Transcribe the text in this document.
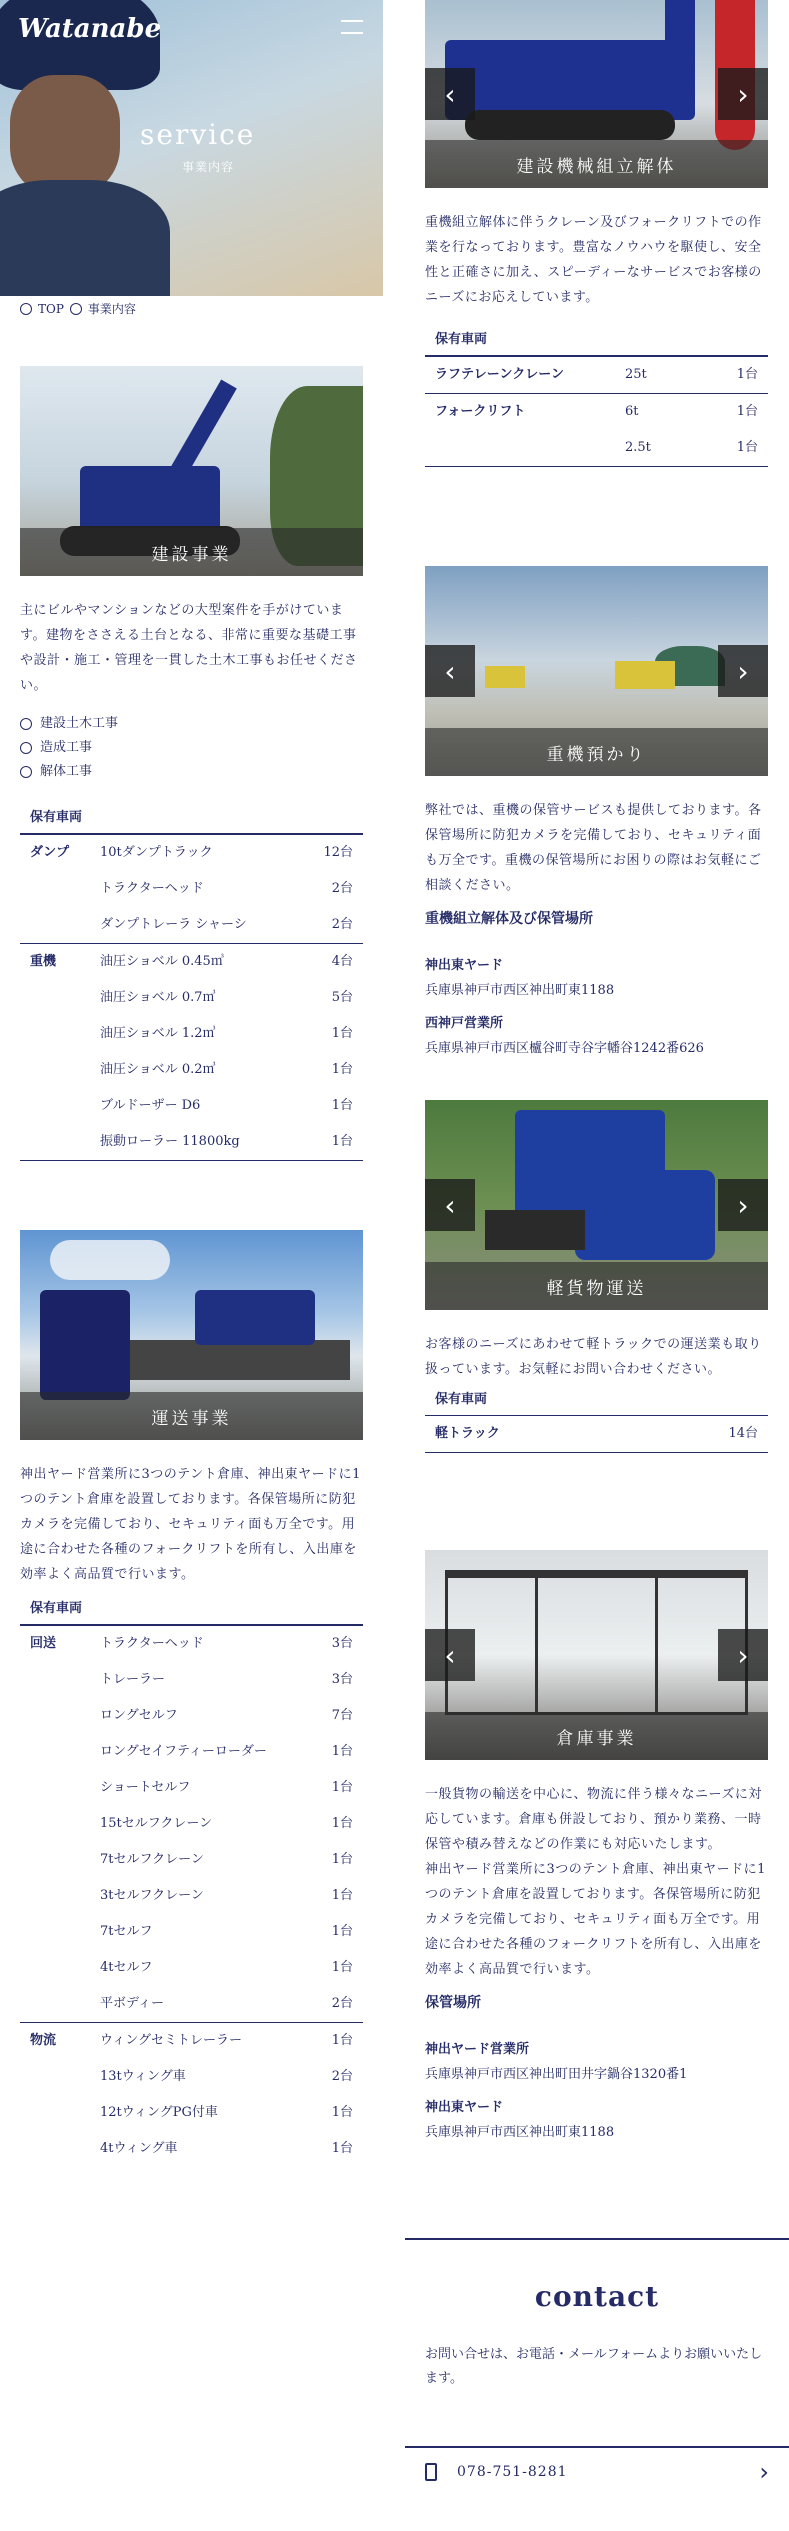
Watanabe
service
事業内容
TOP 事業内容
建設事業

主にビルやマンションなどの大型案件を手がけています。建物をささえる土台となる、非常に重要な基礎工事や設計・施工・管理を一貫した土木工事もお任せください。

建設土木工事
造成工事
解体工事
保有車両
ダンプ	10tダンプトラック	12台
	トラクターヘッド	2台
	ダンプトレーラ シャーシ	2台
重機	油圧ショベル 0.45㎥	4台
	油圧ショベル 0.7㎥	5台
	油圧ショベル 1.2㎥	1台
	油圧ショベル 0.2㎥	1台
	ブルドーザー D6	1台
	振動ローラー 11800kg	1台
運送事業

神出ヤード営業所に3つのテント倉庫、神出東ヤードに1つのテント倉庫を設置しております。各保管場所に防犯カメラを完備しており、セキュリティ面も万全です。用途に合わせた各種のフォークリフトを所有し、入出庫を効率よく高品質で行います。

保有車両
回送	トラクターヘッド	3台
	トレーラー	3台
	ロングセルフ	7台
	ロングセイフティーローダー	1台
	ショートセルフ	1台
	15tセルフクレーン	1台
	7tセルフクレーン	1台
	3tセルフクレーン	1台
	7tセルフ	1台
	4tセルフ	1台
	平ボディー	2台
物流	ウィングセミトレーラー	1台
	13tウィング車	2台
	12tウィングPG付車	1台
	4tウィング車	1台
‹	›
建設機械組立解体

重機組立解体に伴うクレーン及びフォークリフトでの作業を行なっております。豊富なノウハウを駆使し、安全性と正確さに加え、スピーディーなサービスでお客様のニーズにお応えしています。

保有車両
ラフテレーンクレーン	25t	1台
フォークリフト	6t	1台
	2.5t	1台
‹	›
重機預かり

弊社では、重機の保管サービスも提供しております。各保管場所に防犯カメラを完備しており、セキュリティ面も万全です。重機の保管場所にお困りの際はお気軽にご相談ください。

重機組立解体及び保管場所
神出東ヤード
兵庫県神戸市西区神出町東1188
西神戸営業所
兵庫県神戸市西区櫨谷町寺谷字幡谷1242番626
‹	›
軽貨物運送

お客様のニーズにあわせて軽トラックでの運送業も取り扱っています。お気軽にお問い合わせください。

保有車両
軽トラック	14台
‹	›
倉庫事業

一般貨物の輸送を中心に、物流に伴う様々なニーズに対応しています。倉庫も併設しており、預かり業務、一時保管や積み替えなどの作業にも対応いたします。

神出ヤード営業所に3つのテント倉庫、神出東ヤードに1つのテント倉庫を設置しております。各保管場所に防犯カメラを完備しており、セキュリティ面も万全です。用途に合わせた各種のフォークリフトを所有し、入出庫を効率よく高品質で行います。

保管場所
神出ヤード営業所
兵庫県神戸市西区神出町田井字鍋谷1320番1
神出東ヤード
兵庫県神戸市西区神出町東1188
contact

お問い合せは、お電話・メールフォームよりお願いいたします。

078-751-8281	›
